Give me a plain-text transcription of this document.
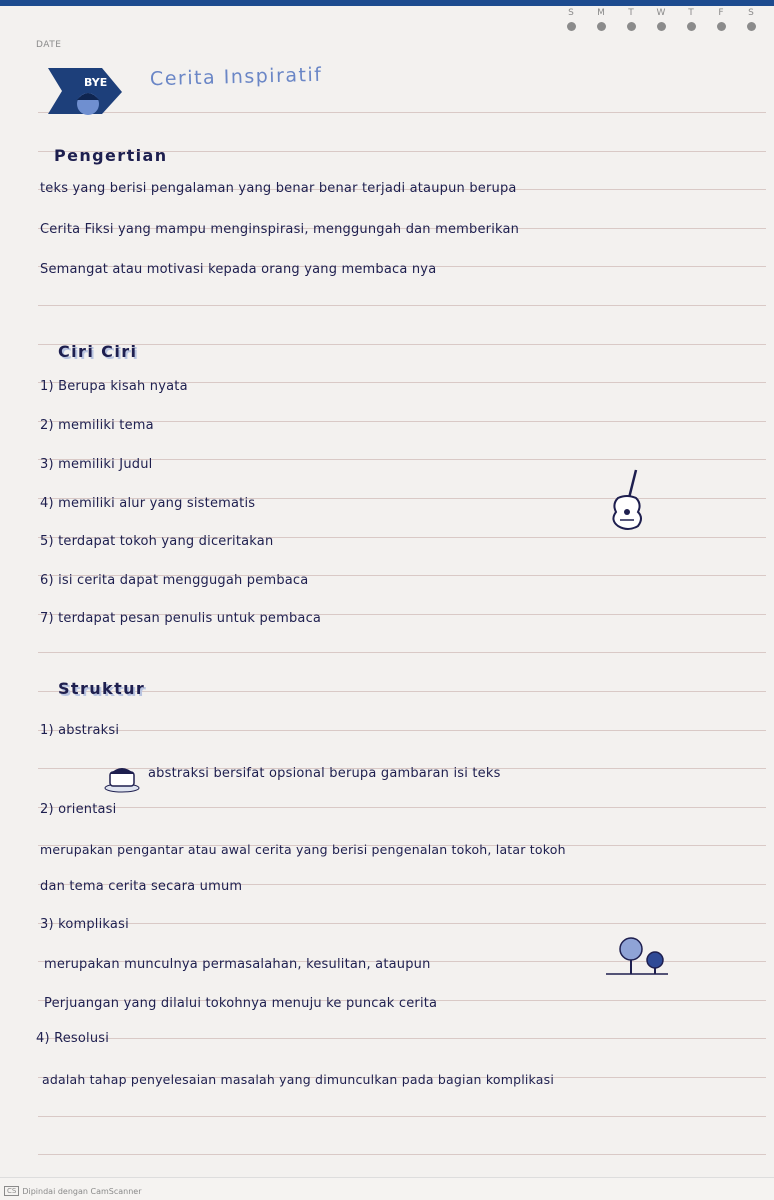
DATE
S	M	T	W	T	F	S
BYE Cerita Inspiratif
Pengertian
teks yang berisi pengalaman yang benar benar terjadi ataupun berupa
Cerita Fiksi yang mampu menginspirasi, menggungah dan memberikan
Semangat atau motivasi kepada orang yang membaca nya
Ciri Ciri
1) Berupa kisah nyata
2) memiliki tema
3) memiliki Judul
4) memiliki alur yang sistematis
5) terdapat tokoh yang diceritakan
6) isi cerita dapat menggugah pembaca
7) terdapat pesan penulis untuk pembaca
Struktur
1) abstraksi
abstraksi bersifat opsional berupa gambaran isi teks
2) orientasi
merupakan pengantar atau awal cerita yang berisi pengenalan tokoh, latar tokoh
dan tema cerita secara umum
3) komplikasi
merupakan munculnya permasalahan, kesulitan, ataupun
Perjuangan yang dilalui tokohnya menuju ke puncak cerita
4) Resolusi
adalah tahap penyelesaian masalah yang dimunculkan pada bagian komplikasi
CS Dipindai dengan CamScanner
